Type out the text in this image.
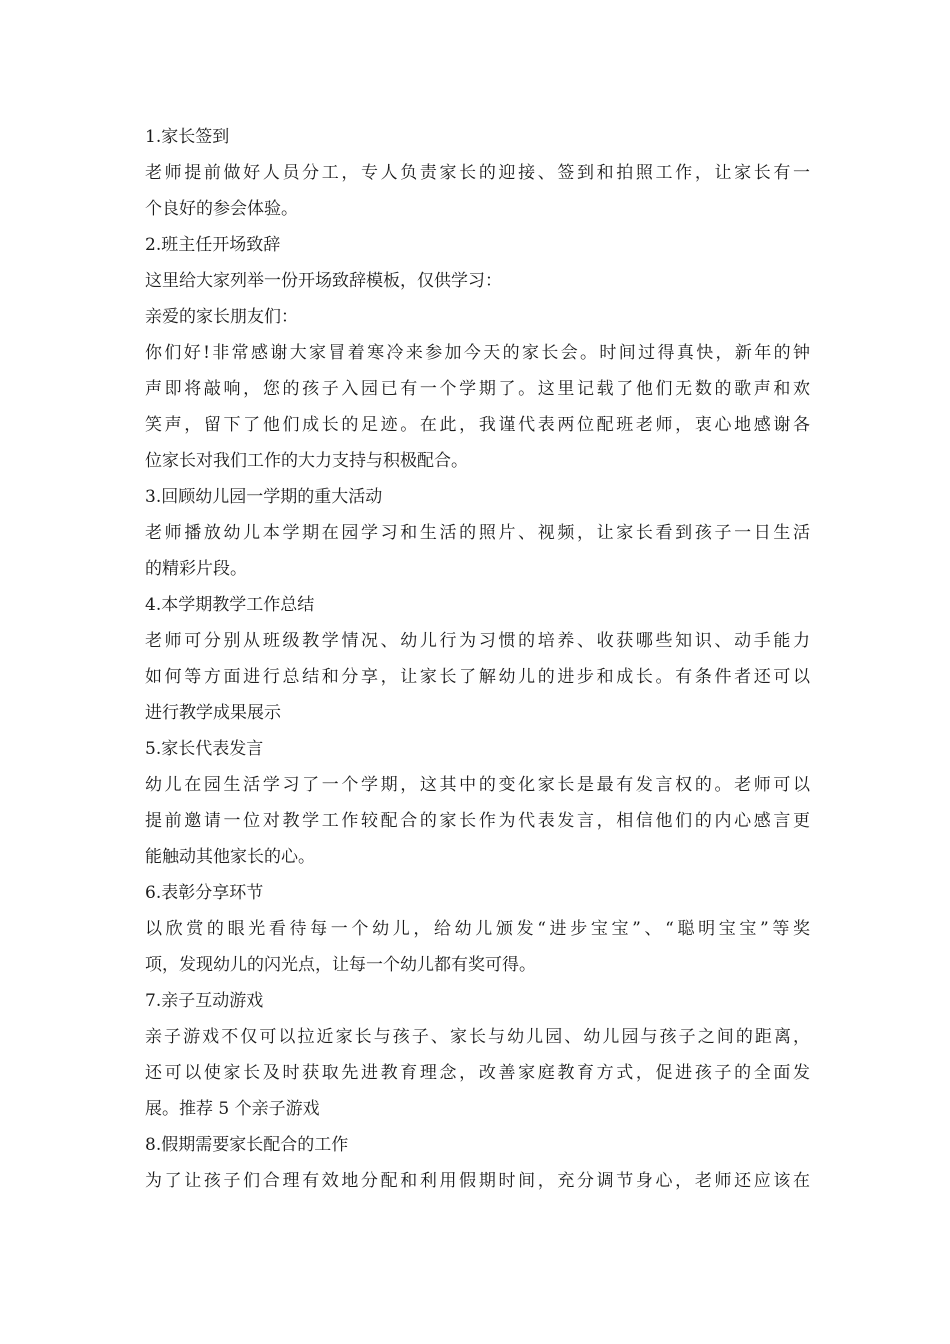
1.家长签到
老师提前做好人员分工，专人负责家长的迎接、签到和拍照工作，让家长有一
个良好的参会体验。
2.班主任开场致辞
这里给大家列举一份开场致辞模板，仅供学习：
亲爱的家长朋友们：
你们好!非常感谢大家冒着寒冷来参加今天的家长会。时间过得真快，新年的钟
声即将敲响，您的孩子入园已有一个学期了。这里记载了他们无数的歌声和欢
笑声，留下了他们成长的足迹。在此，我谨代表两位配班老师，衷心地感谢各
位家长对我们工作的大力支持与积极配合。
3.回顾幼儿园一学期的重大活动
老师播放幼儿本学期在园学习和生活的照片、视频，让家长看到孩子一日生活
的精彩片段。
4.本学期教学工作总结
老师可分别从班级教学情况、幼儿行为习惯的培养、收获哪些知识、动手能力
如何等方面进行总结和分享，让家长了解幼儿的进步和成长。有条件者还可以
进行教学成果展示
5.家长代表发言
幼儿在园生活学习了一个学期，这其中的变化家长是最有发言权的。老师可以
提前邀请一位对教学工作较配合的家长作为代表发言，相信他们的内心感言更
能触动其他家长的心。
6.表彰分享环节
以欣赏的眼光看待每一个幼儿，给幼儿颁发“进步宝宝”、“聪明宝宝”等奖
项，发现幼儿的闪光点，让每一个幼儿都有奖可得。
7.亲子互动游戏
亲子游戏不仅可以拉近家长与孩子、家长与幼儿园、幼儿园与孩子之间的距离，
还可以使家长及时获取先进教育理念，改善家庭教育方式，促进孩子的全面发
展。推荐 5 个亲子游戏
8.假期需要家长配合的工作
为了让孩子们合理有效地分配和利用假期时间，充分调节身心，老师还应该在
